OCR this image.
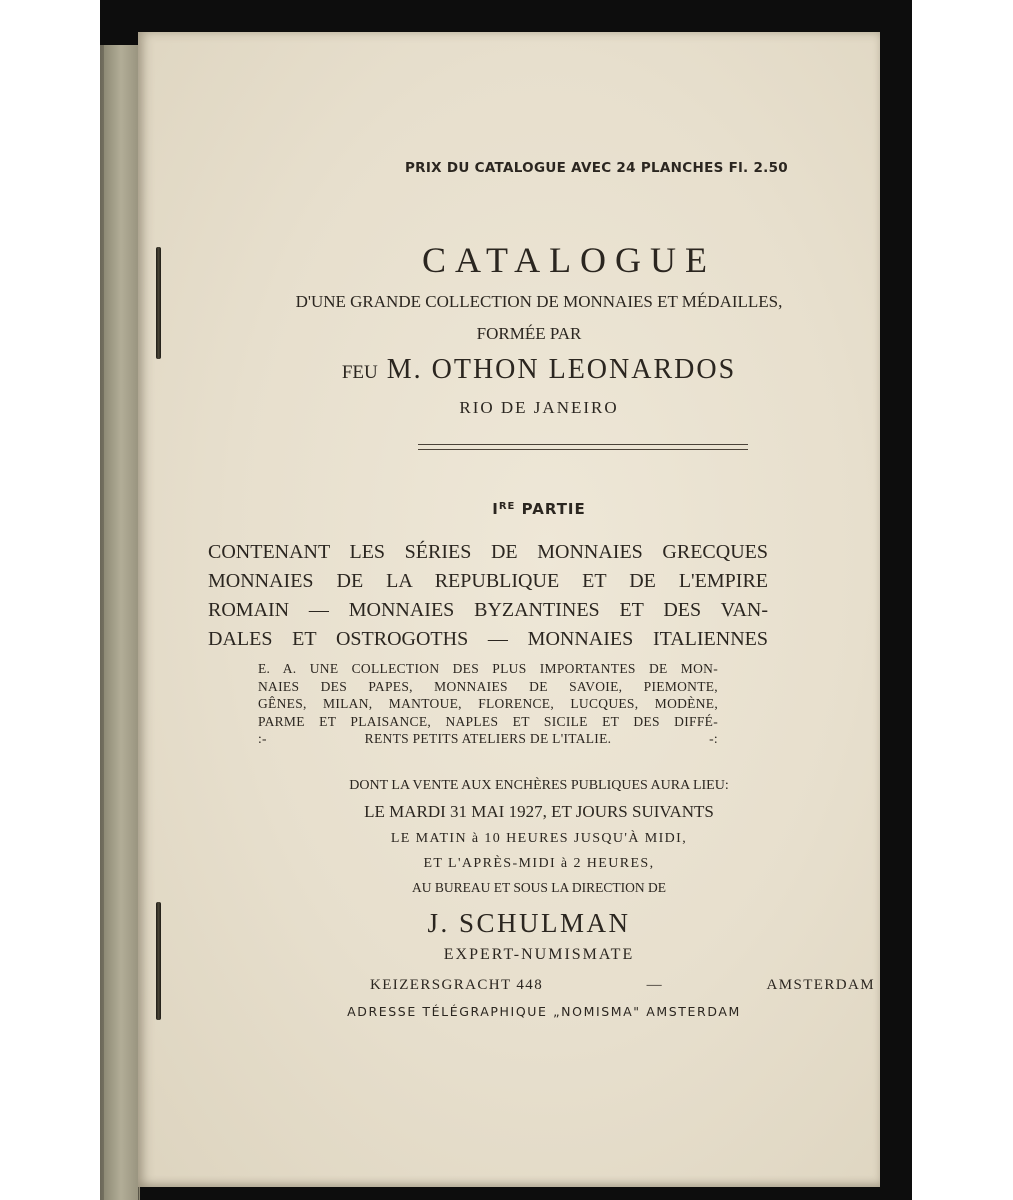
PRIX DU CATALOGUE AVEC 24 PLANCHES Fl. 2.50
CATALOGUE
D'UNE GRANDE COLLECTION DE MONNAIES ET MÉDAILLES,
FORMÉE PAR
FEU M. OTHON LEONARDOS
RIO DE JANEIRO
IRE PARTIE
CONTENANT LES SÉRIES DE MONNAIES GRECQUES
MONNAIES DE LA REPUBLIQUE ET DE L'EMPIRE
ROMAIN — MONNAIES BYZANTINES ET DES VAN-
DALES ET OSTROGOTHS — MONNAIES ITALIENNES
E. A. UNE COLLECTION DES PLUS IMPORTANTES DE MON-
NAIES DES PAPES, MONNAIES DE SAVOIE, PIEMONTE,
GÊNES, MILAN, MANTOUE, FLORENCE, LUCQUES, MODÈNE,
PARME ET PLAISANCE, NAPLES ET SICILE ET DES DIFFÉ-
:-	RENTS PETITS ATELIERS DE L'ITALIE.	-:
DONT LA VENTE AUX ENCHÈRES PUBLIQUES AURA LIEU:
LE MARDI 31 MAI 1927, ET JOURS SUIVANTS
LE MATIN à 10 HEURES JUSQU'À MIDI,
ET L'APRÈS-MIDI à 2 HEURES,
AU BUREAU ET SOUS LA DIRECTION DE
J. SCHULMAN
EXPERT-NUMISMATE
KEIZERSGRACHT 448	—	AMSTERDAM
ADRESSE TÉLÉGRAPHIQUE „NOMISMA" AMSTERDAM
